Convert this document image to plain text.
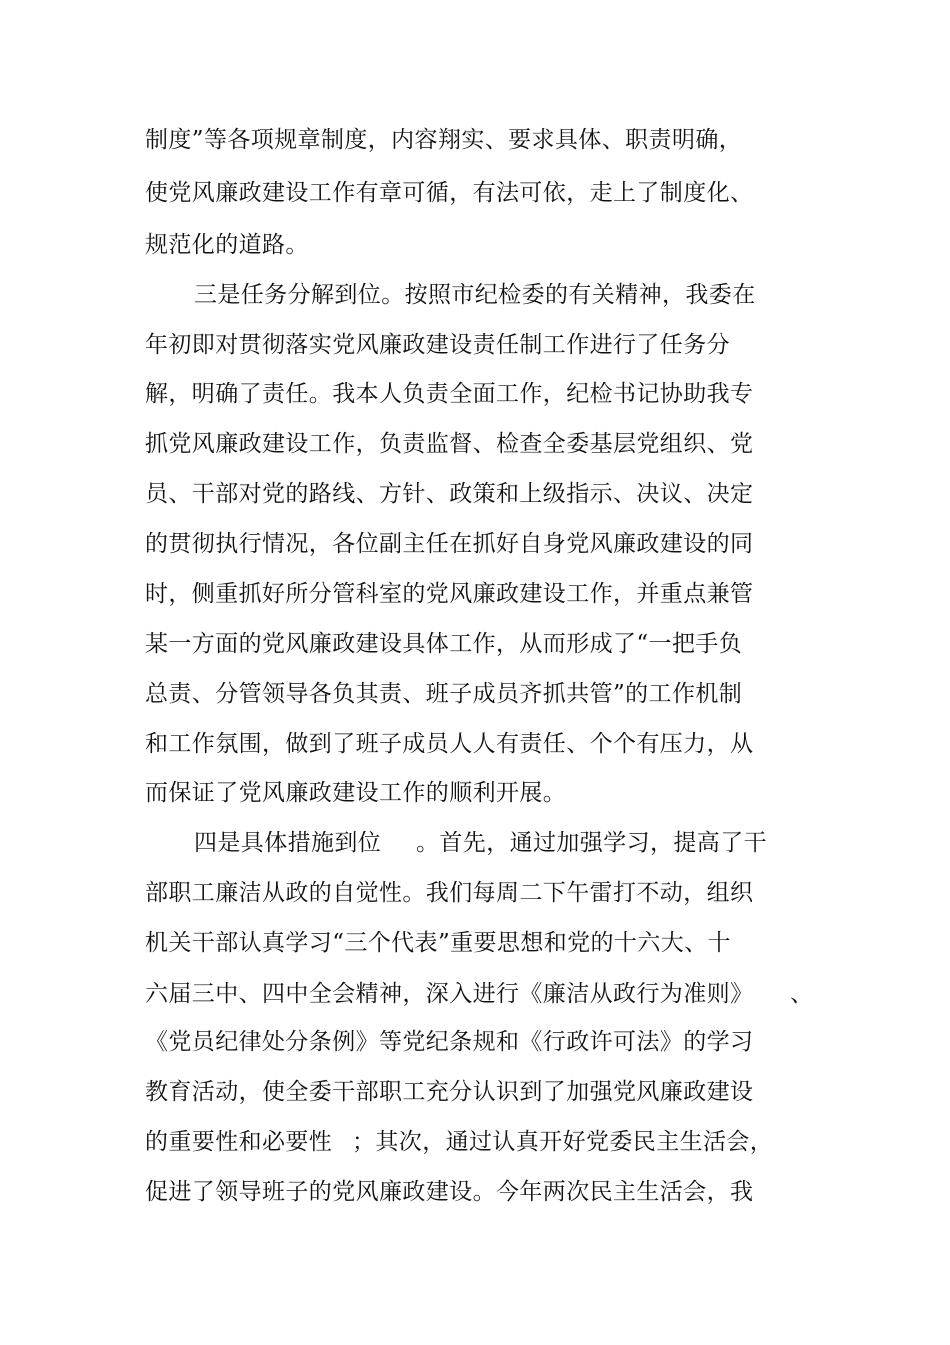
制度”等各项规章制度，内容翔实、要求具体、职责明确，
使党风廉政建设工作有章可循，有法可依，走上了制度化、
规范化的道路。
三是任务分解到位。按照市纪检委的有关精神，我委在
年初即对贯彻落实党风廉政建设责任制工作进行了任务分
解，明确了责任。我本人负责全面工作，纪检书记协助我专
抓党风廉政建设工作，负责监督、检查全委基层党组织、党
员、干部对党的路线、方针、政策和上级指示、决议、决定
的贯彻执行情况，各位副主任在抓好自身党风廉政建设的同
时，侧重抓好所分管科室的党风廉政建设工作，并重点兼管
某一方面的党风廉政建设具体工作，从而形成了“一把手负
总责、分管领导各负其责、班子成员齐抓共管”的工作机制
和工作氛围，做到了班子成员人人有责任、个个有压力，从
而保证了党风廉政建设工作的顺利开展。
四是具体措施到位 。首先，通过加强学习，提高了干
部职工廉洁从政的自觉性。我们每周二下午雷打不动，组织
机关干部认真学习“三个代表”重要思想和党的十六大、十
六届三中、四中全会精神，深入进行《廉洁从政行为准则》 、
《党员纪律处分条例》等党纪条规和《行政许可法》的学习
教育活动，使全委干部职工充分认识到了加强党风廉政建设
的重要性和必要性 ；其次，通过认真开好党委民主生活会，
促进了领导班子的党风廉政建设。今年两次民主生活会，我
